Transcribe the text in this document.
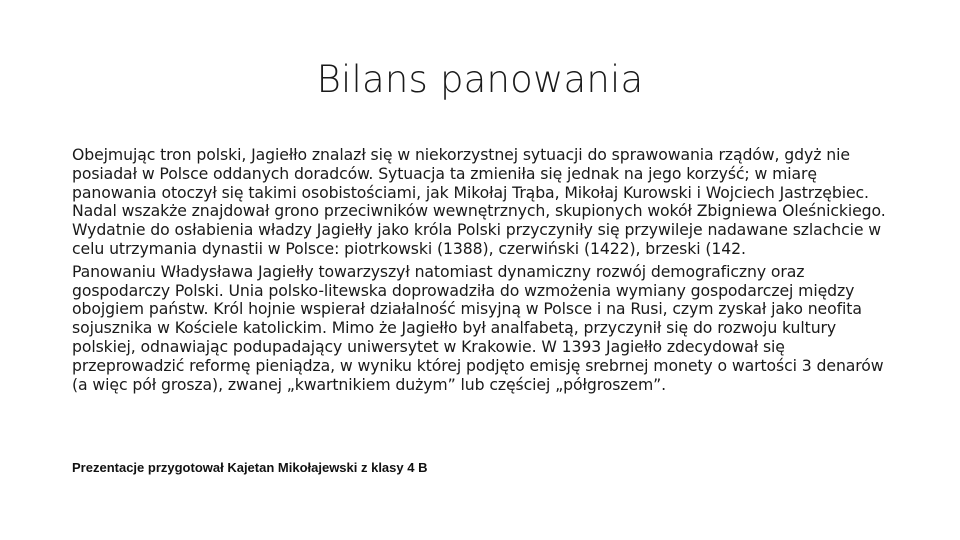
Bilans panowania

Obejmując tron polski, Jagiełło znalazł się w niekorzystnej sytuacji do sprawowania rządów, gdyż nie posiadał w Polsce oddanych doradców. Sytuacja ta zmieniła się jednak na jego korzyść; w miarę panowania otoczył się takimi osobistościami, jak Mikołaj Trąba, Mikołaj Kurowski i Wojciech Jastrzębiec. Nadal wszakże znajdował grono przeciwników wewnętrznych, skupionych wokół Zbigniewa Oleśnickiego. Wydatnie do osłabienia władzy Jagiełły jako króla Polski przyczyniły się przywileje nadawane szlachcie w celu utrzymania dynastii w Polsce: piotrkowski (1388), czerwiński (1422), brzeski (142.

Panowaniu Władysława Jagiełły towarzyszył natomiast dynamiczny rozwój demograficzny oraz gospodarczy Polski. Unia polsko-litewska doprowadziła do wzmożenia wymiany gospodarczej między obojgiem państw. Król hojnie wspierał działalność misyjną w Polsce i na Rusi, czym zyskał jako neofita sojusznika w Kościele katolickim. Mimo że Jagiełło był analfabetą, przyczynił się do rozwoju kultury polskiej, odnawiając podupadający uniwersytet w Krakowie. W 1393 Jagiełło zdecydował się przeprowadzić reformę pieniądza, w wyniku której podjęto emisję srebrnej monety o wartości 3 denarów (a więc pół grosza), zwanej „kwartnikiem dużym” lub częściej „półgroszem”.

Prezentacje przygotował Kajetan Mikołajewski z klasy 4 B
